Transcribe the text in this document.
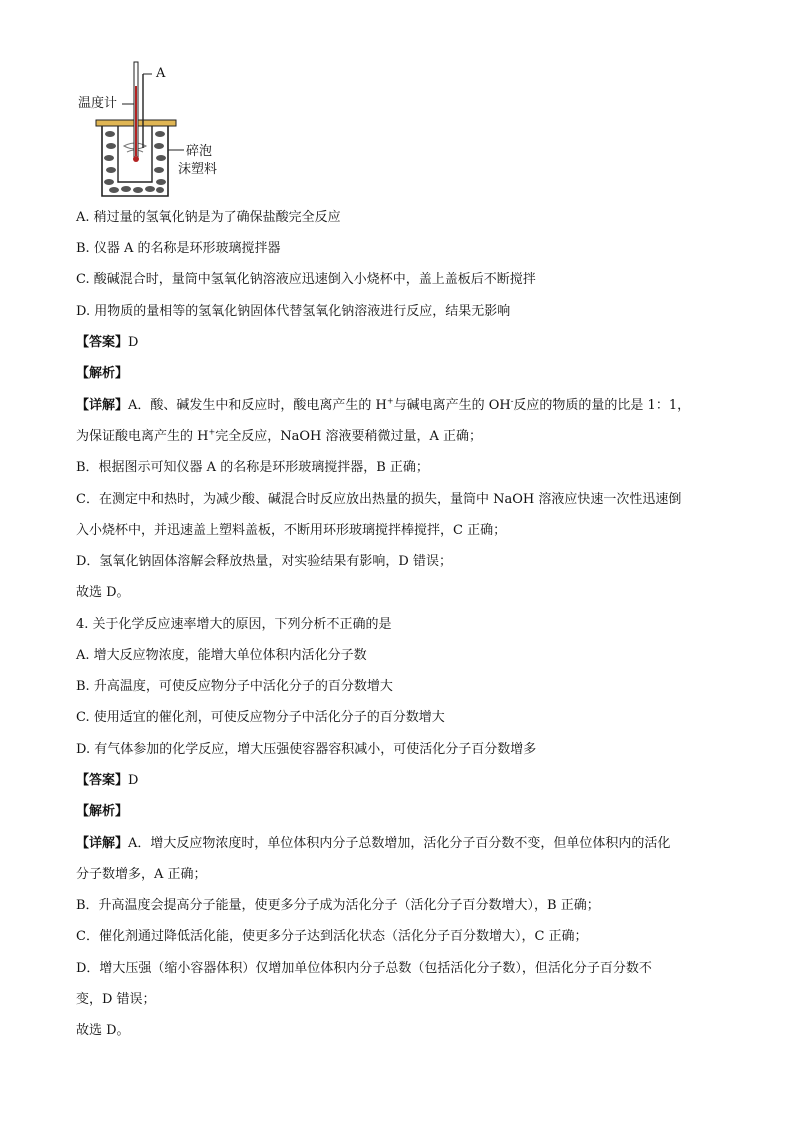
A
温度计
碎泡
沫塑料
A. 稍过量的氢氧化钠是为了确保盐酸完全反应
B. 仪器 A 的名称是环形玻璃搅拌器
C. 酸碱混合时，量筒中氢氧化钠溶液应迅速倒入小烧杯中，盖上盖板后不断搅拌
D. 用物质的量相等的氢氧化钠固体代替氢氧化钠溶液进行反应，结果无影响
【答案】D
【解析】
【详解】A．酸、碱发生中和反应时，酸电离产生的 H+与碱电离产生的 OH-反应的物质的量的比是 1：1，
为保证酸电离产生的 H+完全反应，NaOH 溶液要稍微过量，A 正确；
B．根据图示可知仪器 A 的名称是环形玻璃搅拌器，B 正确；
C．在测定中和热时，为减少酸、碱混合时反应放出热量的损失，量筒中 NaOH 溶液应快速一次性迅速倒
入小烧杯中，并迅速盖上塑料盖板，不断用环形玻璃搅拌棒搅拌，C 正确；
D．氢氧化钠固体溶解会释放热量，对实验结果有影响，D 错误；
故选 D。
4. 关于化学反应速率增大的原因，下列分析不正确的是
A. 增大反应物浓度，能增大单位体积内活化分子数
B. 升高温度，可使反应物分子中活化分子的百分数增大
C. 使用适宜的催化剂，可使反应物分子中活化分子的百分数增大
D. 有气体参加的化学反应，增大压强使容器容积减小，可使活化分子百分数增多
【答案】D
【解析】
【详解】A．增大反应物浓度时，单位体积内分子总数增加，活化分子百分数不变，但单位体积内的活化
分子数增多，A 正确；
B．升高温度会提高分子能量，使更多分子成为活化分子（活化分子百分数增大），B 正确；
C．催化剂通过降低活化能，使更多分子达到活化状态（活化分子百分数增大），C 正确；
D．增大压强（缩小容器体积）仅增加单位体积内分子总数（包括活化分子数），但活化分子百分数不
变，D 错误；
故选 D。
